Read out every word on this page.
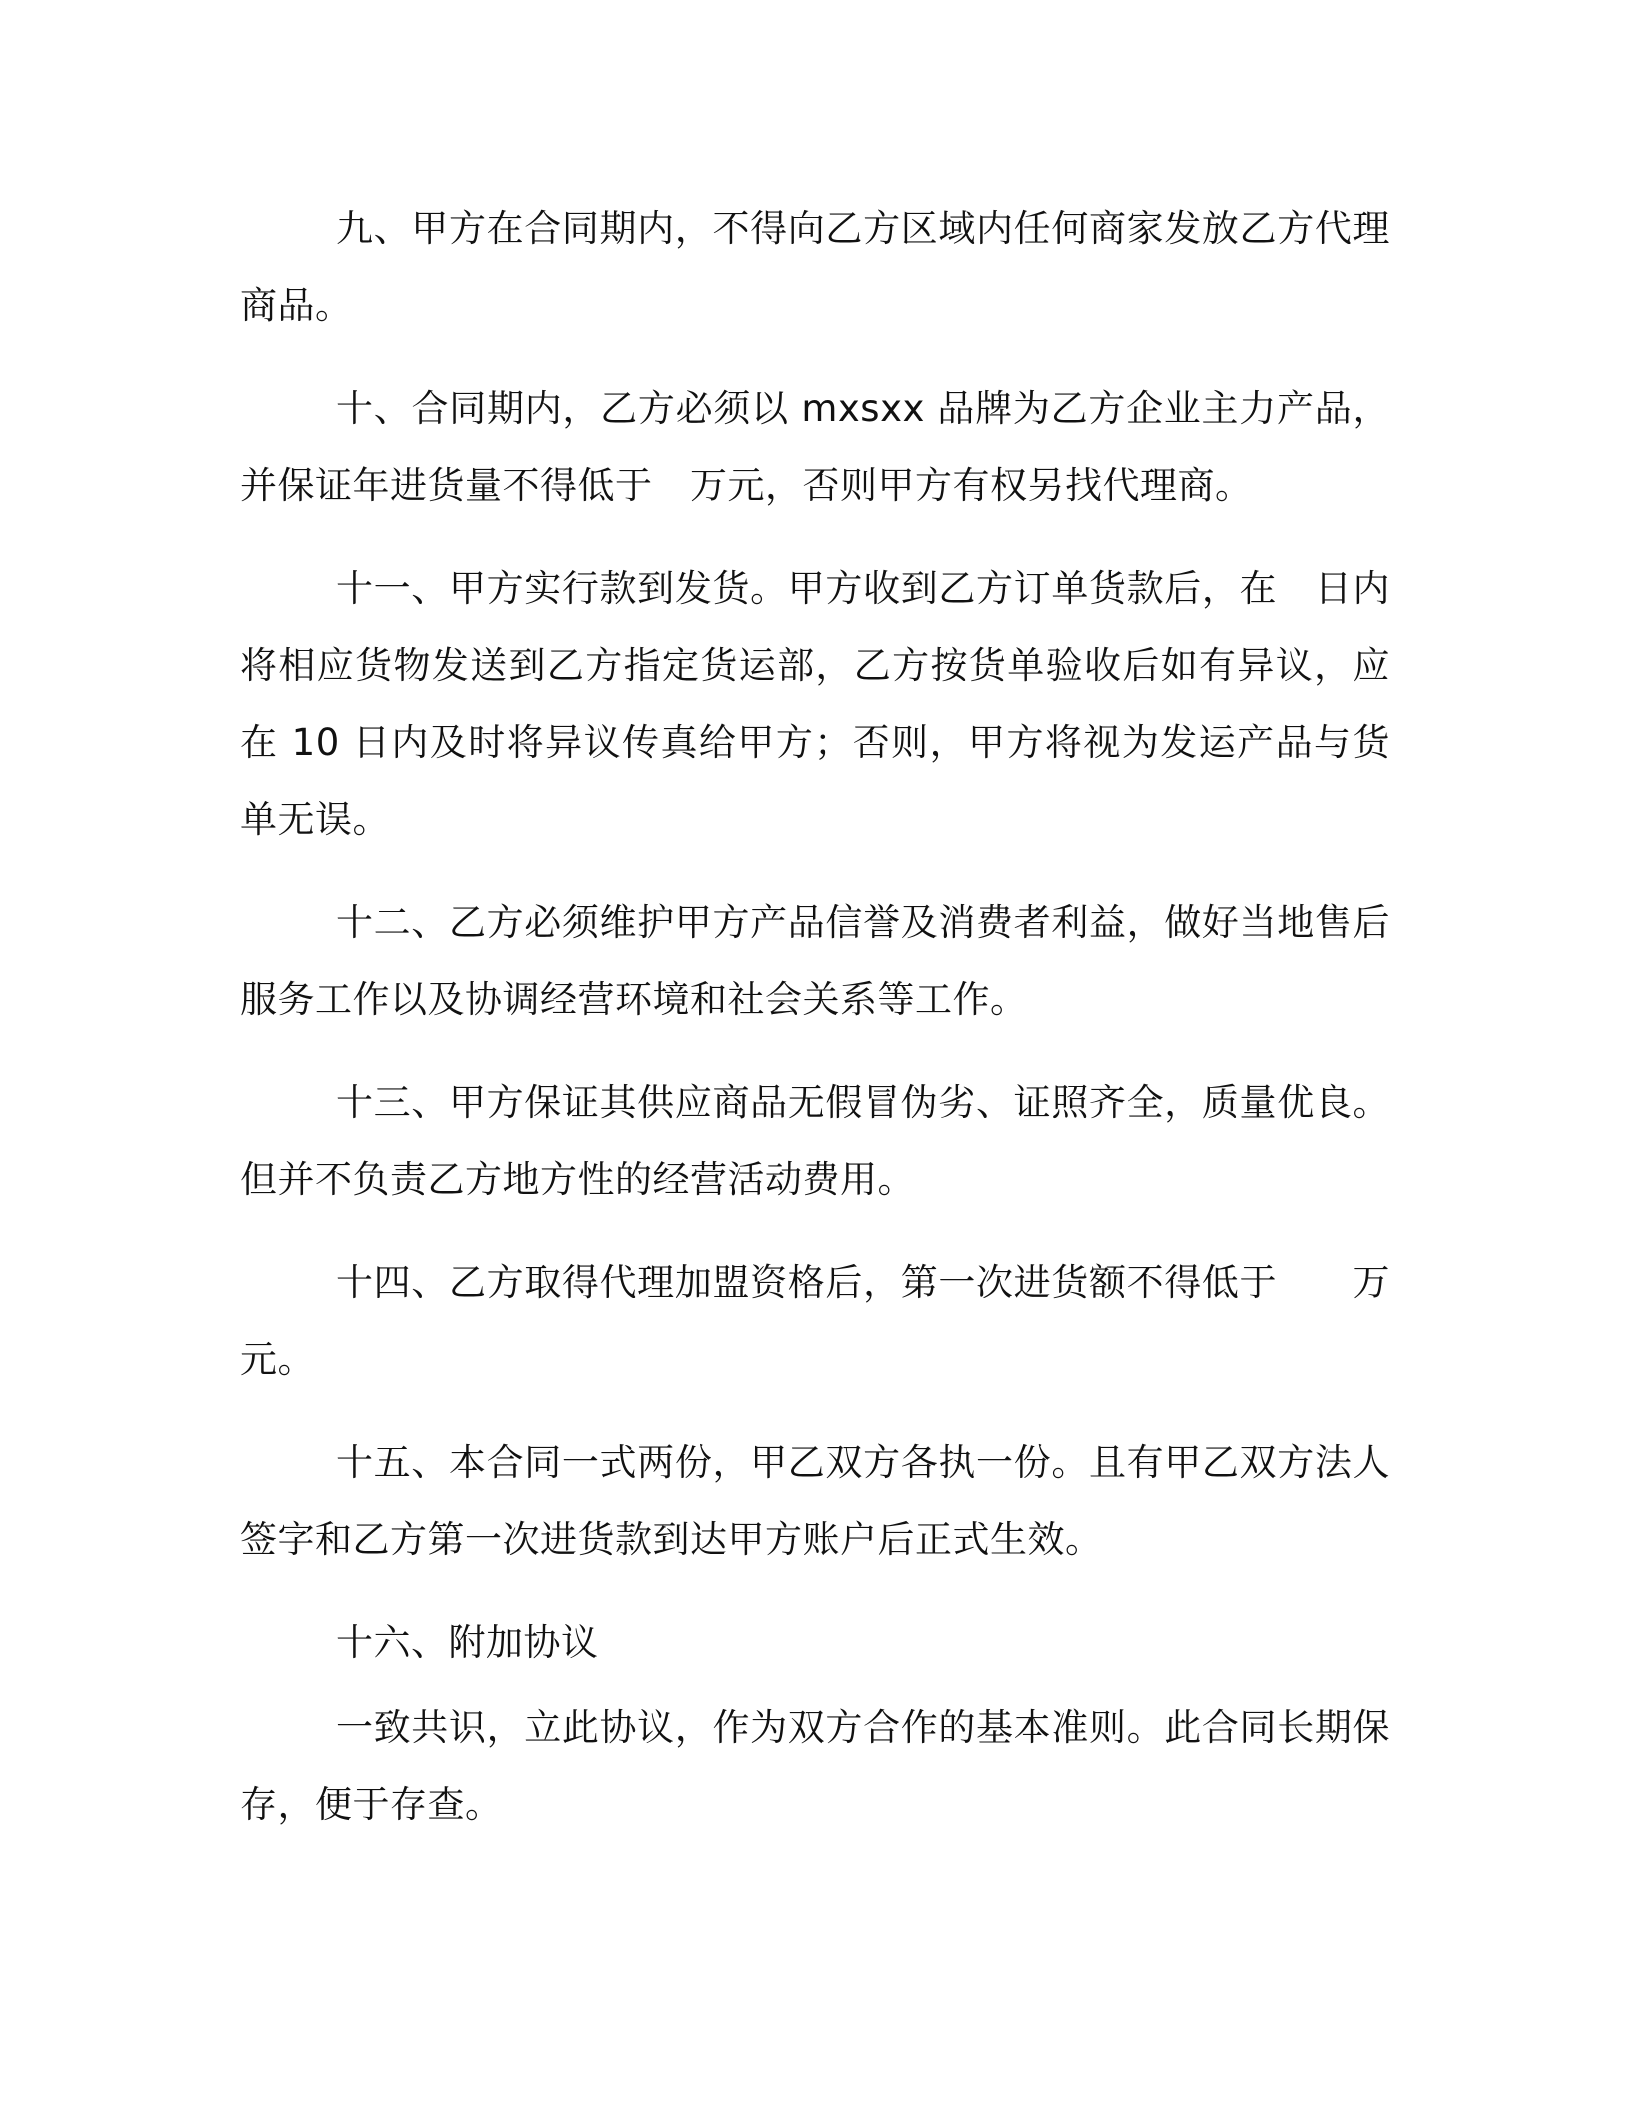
九、甲方在合同期内，不得向乙方区域内任何商家发放乙方代理商品。

十、合同期内，乙方必须以 mxsxx 品牌为乙方企业主力产品，并保证年进货量不得低于　万元，否则甲方有权另找代理商。

十一、甲方实行款到发货。甲方收到乙方订单货款后，在　日内将相应货物发送到乙方指定货运部，乙方按货单验收后如有异议，应在 10 日内及时将异议传真给甲方；否则，甲方将视为发运产品与货单无误。

十二、乙方必须维护甲方产品信誉及消费者利益，做好当地售后服务工作以及协调经营环境和社会关系等工作。

十三、甲方保证其供应商品无假冒伪劣、证照齐全，质量优良。但并不负责乙方地方性的经营活动费用。

十四、乙方取得代理加盟资格后，第一次进货额不得低于　　万元。

十五、本合同一式两份，甲乙双方各执一份。且有甲乙双方法人签字和乙方第一次进货款到达甲方账户后正式生效。

十六、附加协议

一致共识，立此协议，作为双方合作的基本准则。此合同长期保存，便于存查。
